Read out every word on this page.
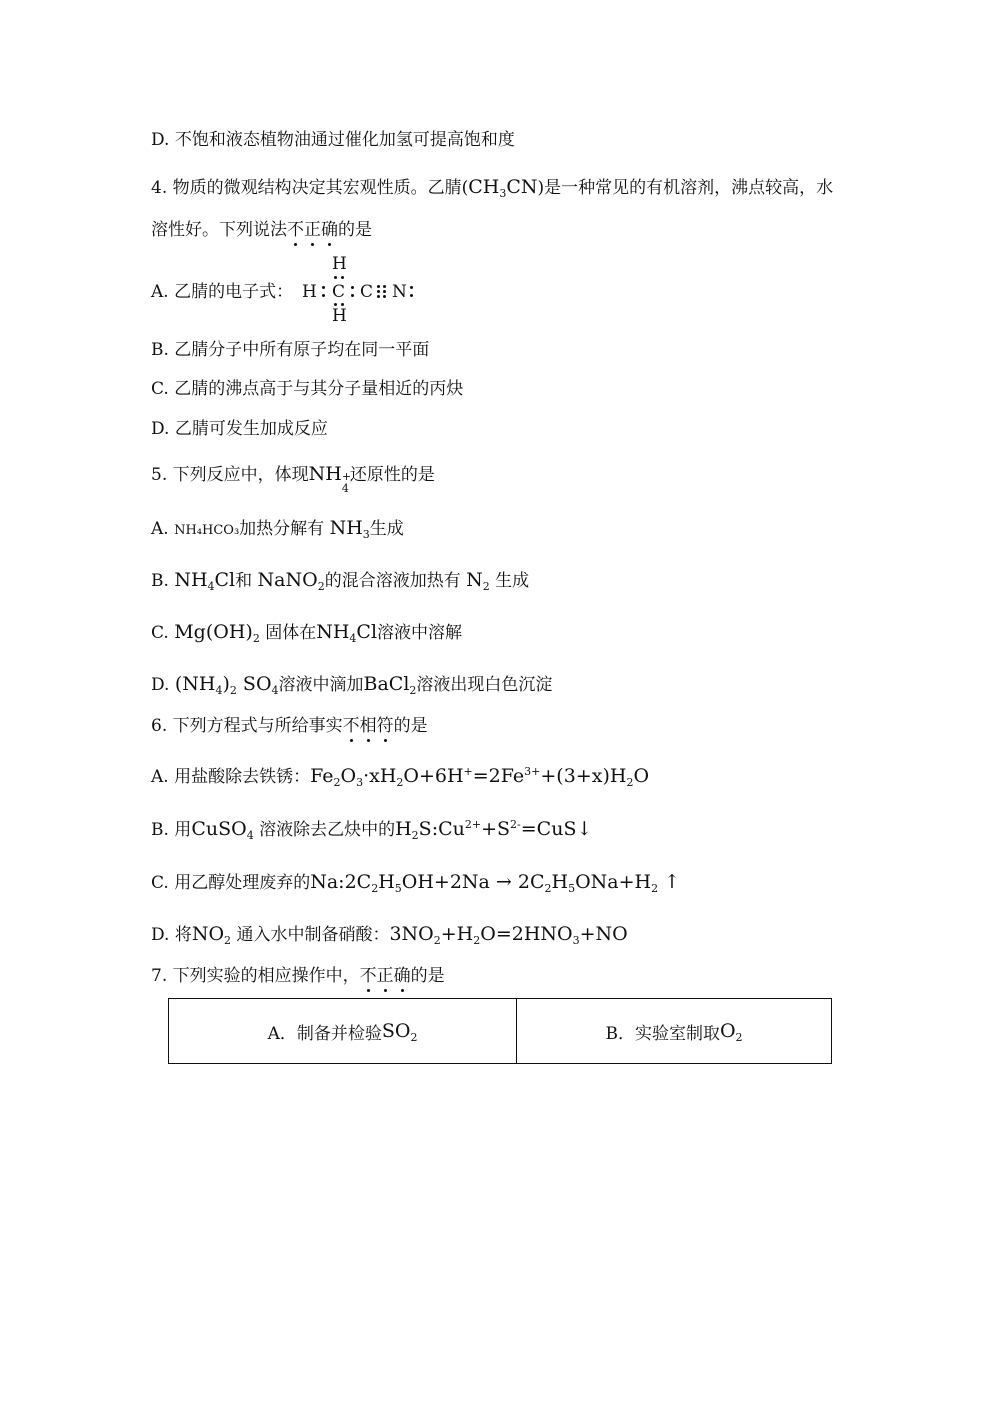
D. 不饱和液态植物油通过催化加氢可提高饱和度
4. 物质的微观结构决定其宏观性质。乙腈$(CH_3CN)$是一种常见的有机溶剂，沸点较高，水
溶性好。下列说法不正确的是
A. 乙腈的电子式：
H
H
H C C N
B. 乙腈分子中所有原子均在同一平面
C. 乙腈的沸点高于与其分子量相近的丙炔
D. 乙腈可发生加成反应
5. 下列反应中，体现NH +
4
还原性的是
A. NH₄HCO₃加热分解有 $NH_3$生成
B. $NH_4Cl$和 NaNO$_2$的混合溶液加热有 $N_2$ 生成
C. $Mg(OH)_2$ 固体在$NH_4Cl$溶液中溶解
D. $(NH_4)_2$ $SO_4$溶液中滴加BaCl$_2$溶液出现白色沉淀
6. 下列方程式与所给事实不相符的是
A. 用盐酸除去铁锈：$Fe_2O_3\cdot xH_2O+6H^+=2Fe^{3+}+(3+x)H_2O$
B. 用CuSO$_4$ 溶液除去乙炔中的$H_2S:Cu^{2+}+S^{2-}=CuS↓$
C. 用乙醇处理废弃的$Na:2C_2H_5OH+2Na \to 2C_2H_5ONa+H_2$ ↑
D. 将$NO_2$ 通入水中制备硝酸：$3NO_2+H_2O=2HNO_3+NO$
7. 下列实验的相应操作中，不正确的是
A．制备并检验 $SO_2$	B．实验室制取 $O_2$
